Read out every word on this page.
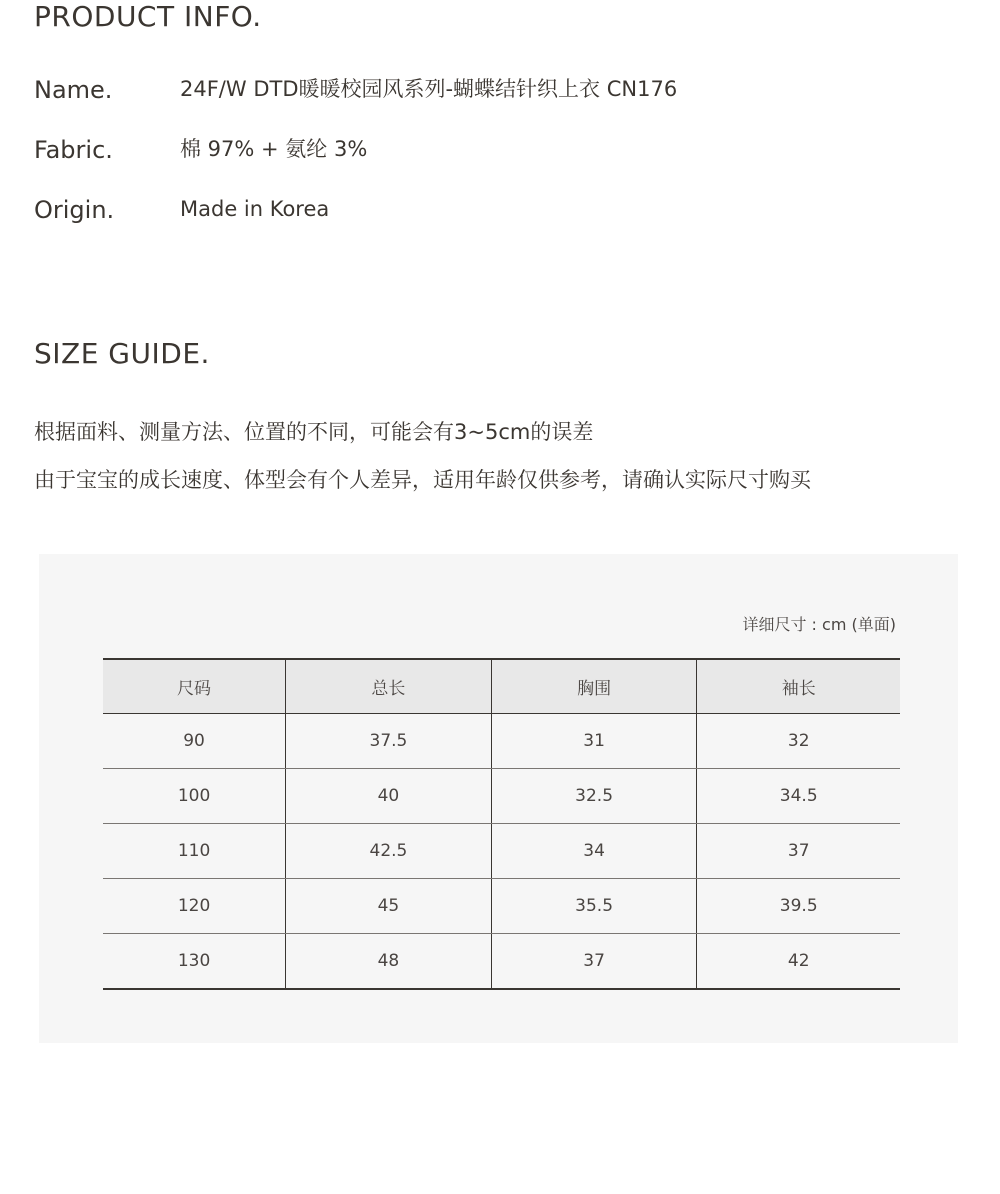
PRODUCT INFO.
Name.	24F/W DTD暖暖校园风系列-蝴蝶结针织上衣 CN176
Fabric.	棉 97% + 氨纶 3%
Origin.	Made in Korea
SIZE GUIDE.
根据面料、测量方法、位置的不同，可能会有3~5cm的误差
由于宝宝的成长速度、体型会有个人差异，适用年龄仅供参考，请确认实际尺寸购买
详细尺寸 : cm (单面)
尺码	总长	胸围	袖长
90	37.5	31	32
100	40	32.5	34.5
110	42.5	34	37
120	45	35.5	39.5
130	48	37	42
